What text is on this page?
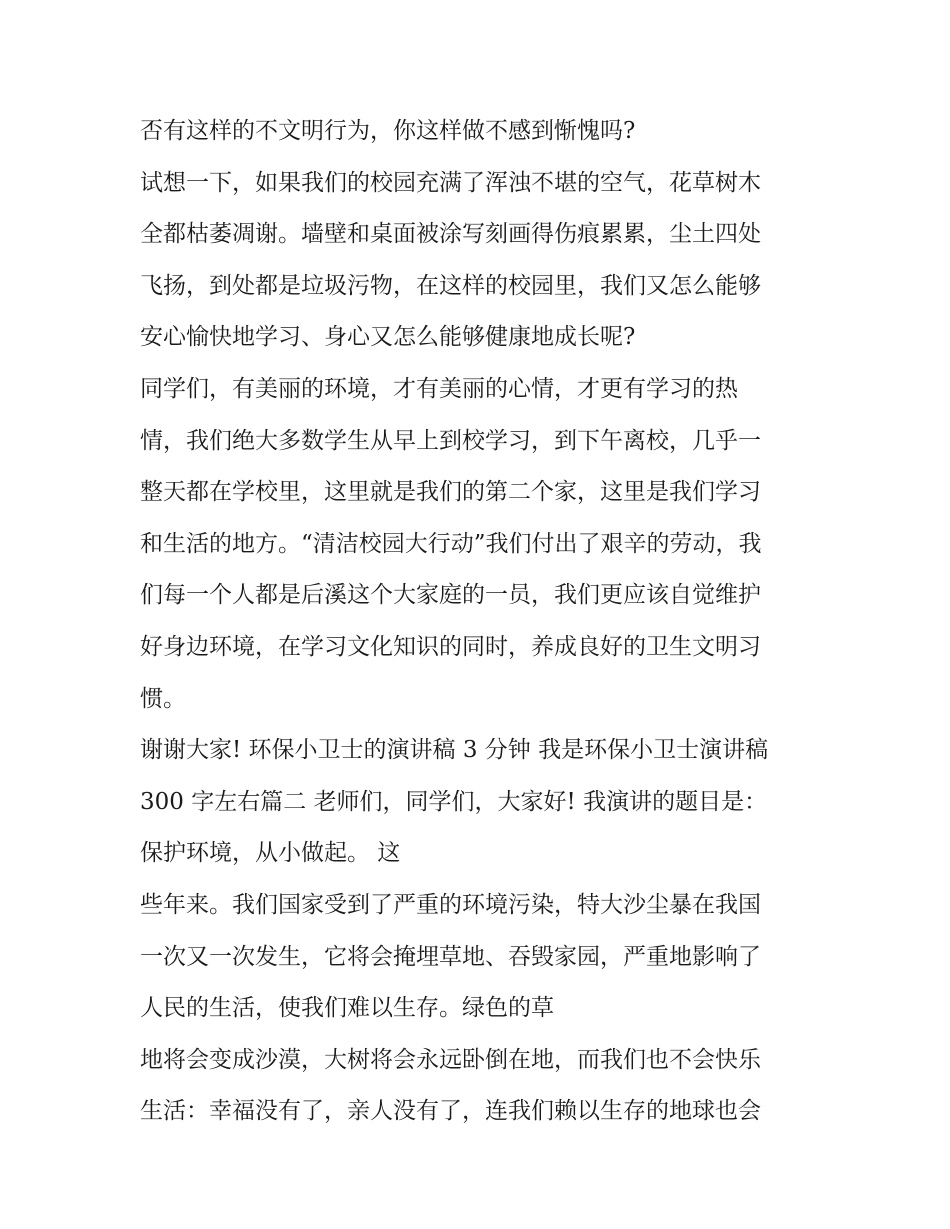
否有这样的不文明行为，你这样做不感到惭愧吗?
试想一下，如果我们的校园充满了浑浊不堪的空气，花草树木
全都枯萎凋谢。墙壁和桌面被涂写刻画得伤痕累累，尘土四处
飞扬，到处都是垃圾污物，在这样的校园里，我们又怎么能够
安心愉快地学习、身心又怎么能够健康地成长呢?
同学们，有美丽的环境，才有美丽的心情，才更有学习的热
情，我们绝大多数学生从早上到校学习，到下午离校，几乎一
整天都在学校里，这里就是我们的第二个家，这里是我们学习
和生活的地方。“清洁校园大行动”我们付出了艰辛的劳动，我
们每一个人都是后溪这个大家庭的一员，我们更应该自觉维护
好身边环境，在学习文化知识的同时，养成良好的卫生文明习
惯。
谢谢大家! 环保小卫士的演讲稿 3 分钟 我是环保小卫士演讲稿
300 字左右篇二 老师们，同学们，大家好! 我演讲的题目是：
保护环境，从小做起。 这
些年来。我们国家受到了严重的环境污染，特大沙尘暴在我国
一次又一次发生，它将会掩埋草地、吞毁家园，严重地影响了
人民的生活，使我们难以生存。绿色的草
地将会变成沙漠，大树将会永远卧倒在地，而我们也不会快乐
生活：幸福没有了，亲人没有了，连我们赖以生存的地球也会
